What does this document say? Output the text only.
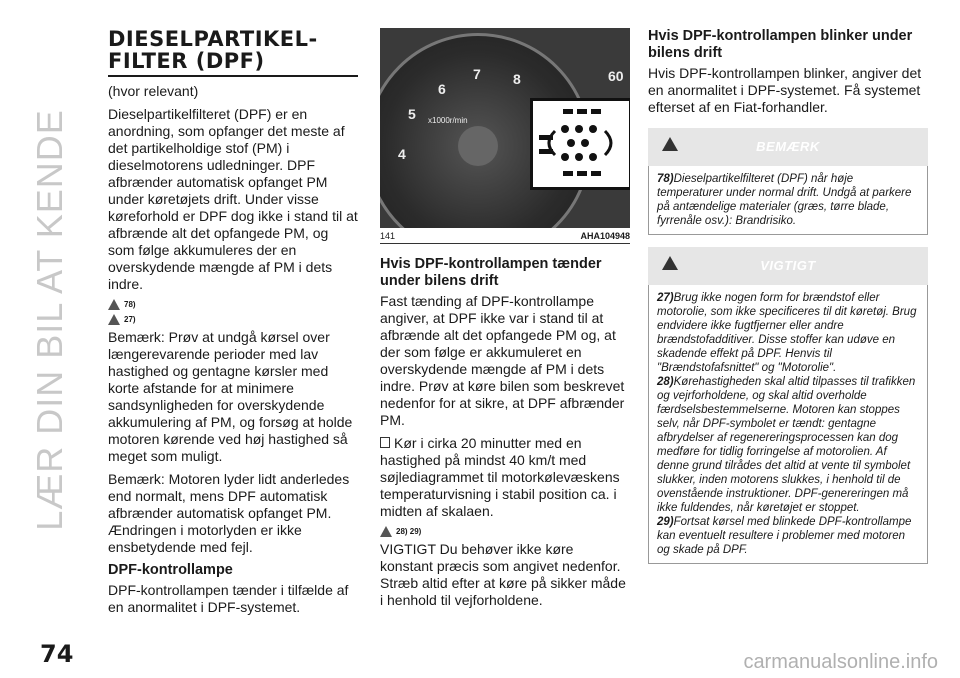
LÆR DIN BIL AT KENDE
74	carmanualsonline.info
DIESELPARTIKEL-
FILTER (DPF)

(hvor relevant)

Dieselpartikelfilteret (DPF) er en anordning, som opfanger det meste af det partikelholdige stof (PM) i dieselmotorens udledninger. DPF afbrænder automatisk opfanget PM under køretøjets drift. Under visse køreforhold er DPF dog ikke i stand til at afbrænde alt det opfangede PM, og som følge akkumuleres der en overskydende mængde af PM i dets indre.

78)
27)

Bemærk: Prøv at undgå kørsel over længerevarende perioder med lav hastighed og gentagne kørsler med korte afstande for at minimere sandsynligheden for overskydende akkumulering af PM, og forsøg at holde motoren kørende ved høj hastighed så meget som muligt.

Bemærk: Motoren lyder lidt anderledes end normalt, mens DPF automatisk afbrænder automatisk opfanget PM. Ændringen i motorlyden er ikke ensbetydende med fejl.

DPF-kontrollampe

DPF-kontrollampen tænder i tilfælde af en anormalitet i DPF-systemet.

4
5
6
7 8
x1000r/min
60
141	AHA104948
Hvis DPF-kontrollampen tænder under bilens drift

Fast tænding af DPF-kontrollampe angiver, at DPF ikke var i stand til at afbrænde alt det opfangede PM og, at der som følge er akkumuleret en overskydende mængde af PM i dets indre. Prøv at køre bilen som beskrevet nedenfor for at sikre, at DPF afbrænder PM.

Kør i cirka 20 minutter med en hastighed på mindst 40 km/t med søjlediagrammet til motorkølevæskens temperaturvisning i stabil position ca. i midten af skalaen.

28) 29)

VIGTIGT Du behøver ikke køre konstant præcis som angivet nedenfor. Stræb altid efter at køre på sikker måde i henhold til vejforholdene.

Hvis DPF-kontrollampen blinker under bilens drift

Hvis DPF-kontrollampen blinker, angiver det en anormalitet i DPF-systemet. Få systemet efterset af en Fiat-forhandler.

BEMÆRK
78)Dieselpartikelfilteret (DPF) når høje temperaturer under normal drift. Undgå at parkere på antændelige materialer (græs, tørre blade, fyrrenåle osv.): Brandrisiko.
VIGTIGT
27)Brug ikke nogen form for brændstof eller motorolie, som ikke specificeres til dit køretøj. Brug endvidere ikke fugtfjerner eller andre brændstofadditiver. Disse stoffer kan udøve en skadende effekt på DPF. Henvis til "Brændstofafsnittet" og "Motorolie".
28)Kørehastigheden skal altid tilpasses til trafikken og vejrforholdene, og skal altid overholde færdselsbestemmelserne. Motoren kan stoppes selv, når DPF-symbolet er tændt: gentagne afbrydelser af regenereringsprocessen kan dog medføre for tidlig forringelse af motorolien. Af denne grund tilrådes det altid at vente til symbolet slukker, inden motorens slukkes, i henhold til de ovenstående instruktioner. DPF-genereringen må ikke fuldendes, når køretøjet er stoppet.
29)Fortsat kørsel med blinkede DPF-kontrollampe kan eventuelt resultere i problemer med motoren og skade på DPF.
